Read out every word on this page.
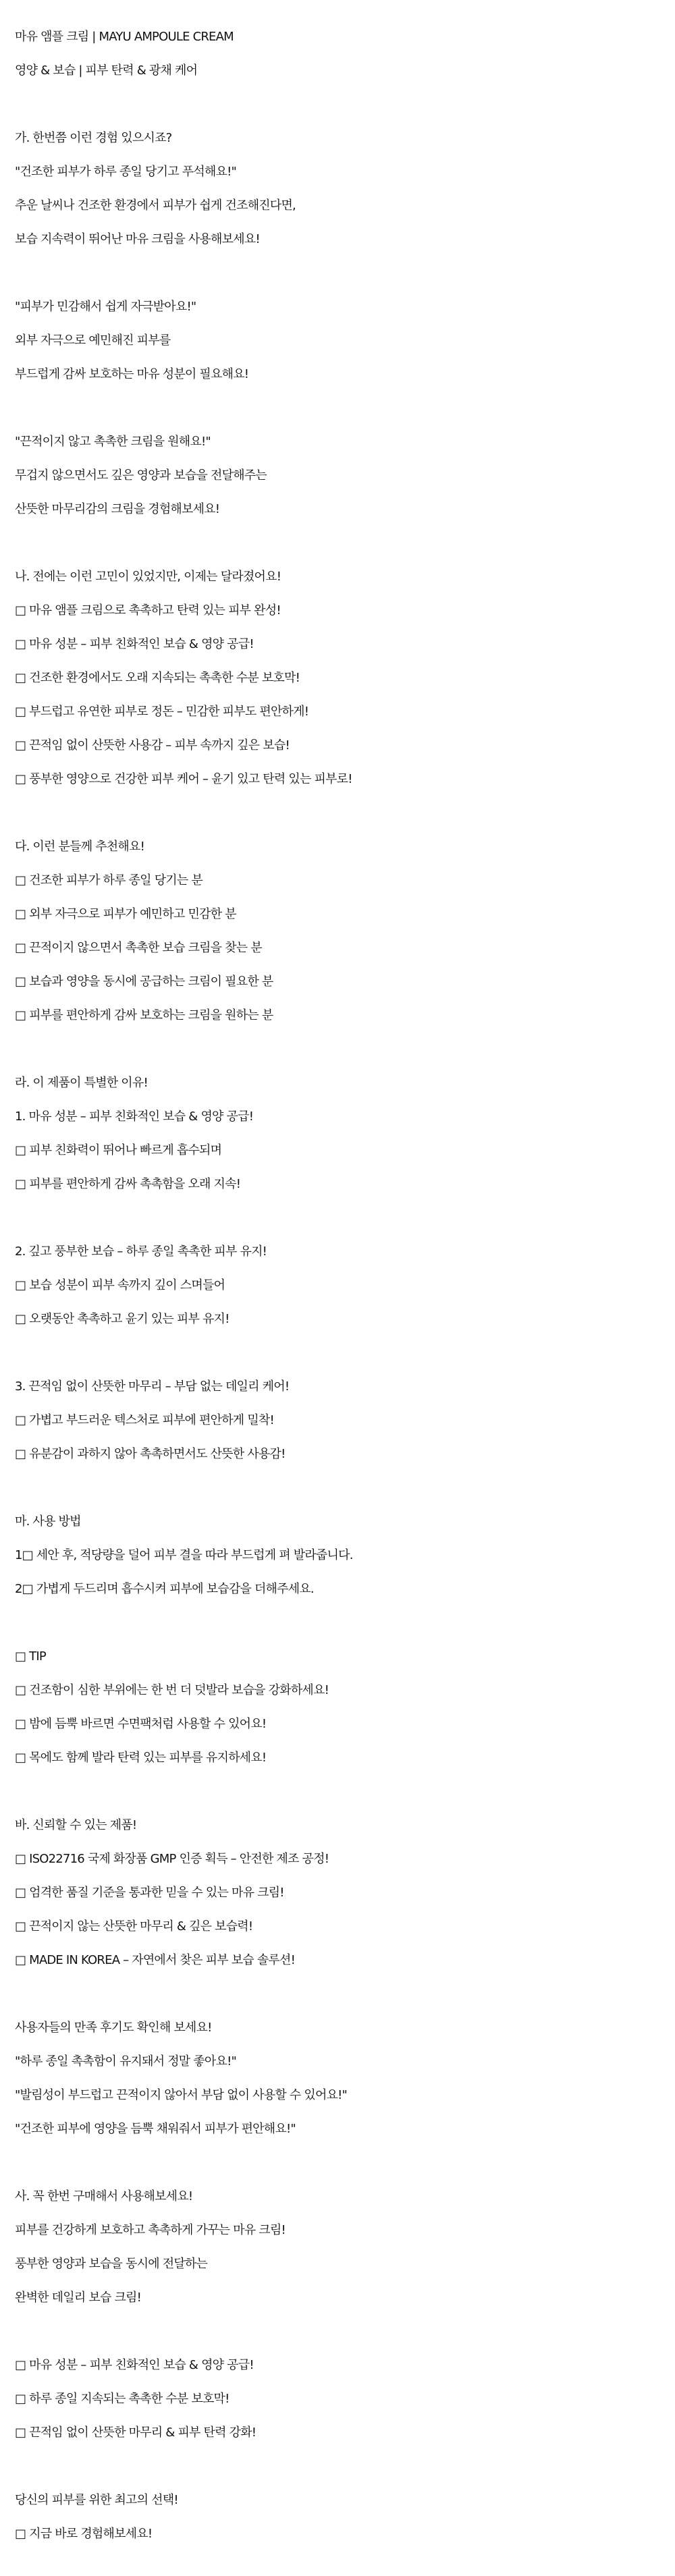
마유 앰플 크림 | MAYU AMPOULE CREAM
영양 & 보습 | 피부 탄력 & 광채 케어
가. 한번쯤 이런 경험 있으시죠?
"건조한 피부가 하루 종일 당기고 푸석해요!"
추운 날씨나 건조한 환경에서 피부가 쉽게 건조해진다면,
보습 지속력이 뛰어난 마유 크림을 사용해보세요!
"피부가 민감해서 쉽게 자극받아요!"
외부 자극으로 예민해진 피부를
부드럽게 감싸 보호하는 마유 성분이 필요해요!
"끈적이지 않고 촉촉한 크림을 원해요!"
무겁지 않으면서도 깊은 영양과 보습을 전달해주는
산뜻한 마무리감의 크림을 경험해보세요!
나. 전에는 이런 고민이 있었지만, 이제는 달라졌어요!
□ 마유 앰플 크림으로 촉촉하고 탄력 있는 피부 완성!
□ 마유 성분 – 피부 친화적인 보습 & 영양 공급!
□ 건조한 환경에서도 오래 지속되는 촉촉한 수분 보호막!
□ 부드럽고 유연한 피부로 정돈 – 민감한 피부도 편안하게!
□ 끈적임 없이 산뜻한 사용감 – 피부 속까지 깊은 보습!
□ 풍부한 영양으로 건강한 피부 케어 – 윤기 있고 탄력 있는 피부로!
다. 이런 분들께 추천해요!
□ 건조한 피부가 하루 종일 당기는 분
□ 외부 자극으로 피부가 예민하고 민감한 분
□ 끈적이지 않으면서 촉촉한 보습 크림을 찾는 분
□ 보습과 영양을 동시에 공급하는 크림이 필요한 분
□ 피부를 편안하게 감싸 보호하는 크림을 원하는 분
라. 이 제품이 특별한 이유!
1. 마유 성분 – 피부 친화적인 보습 & 영양 공급!
□ 피부 친화력이 뛰어나 빠르게 흡수되며
□ 피부를 편안하게 감싸 촉촉함을 오래 지속!
2. 깊고 풍부한 보습 – 하루 종일 촉촉한 피부 유지!
□ 보습 성분이 피부 속까지 깊이 스며들어
□ 오랫동안 촉촉하고 윤기 있는 피부 유지!
3. 끈적임 없이 산뜻한 마무리 – 부담 없는 데일리 케어!
□ 가볍고 부드러운 텍스처로 피부에 편안하게 밀착!
□ 유분감이 과하지 않아 촉촉하면서도 산뜻한 사용감!
마. 사용 방법
1□ 세안 후, 적당량을 덜어 피부 결을 따라 부드럽게 펴 발라줍니다.
2□ 가볍게 두드리며 흡수시켜 피부에 보습감을 더해주세요.
□ TIP
□ 건조함이 심한 부위에는 한 번 더 덧발라 보습을 강화하세요!
□ 밤에 듬뿍 바르면 수면팩처럼 사용할 수 있어요!
□ 목에도 함께 발라 탄력 있는 피부를 유지하세요!
바. 신뢰할 수 있는 제품!
□ ISO22716 국제 화장품 GMP 인증 획득 – 안전한 제조 공정!
□ 엄격한 품질 기준을 통과한 믿을 수 있는 마유 크림!
□ 끈적이지 않는 산뜻한 마무리 & 깊은 보습력!
□ MADE IN KOREA – 자연에서 찾은 피부 보습 솔루션!
사용자들의 만족 후기도 확인해 보세요!
"하루 종일 촉촉함이 유지돼서 정말 좋아요!"
"발림성이 부드럽고 끈적이지 않아서 부담 없이 사용할 수 있어요!"
"건조한 피부에 영양을 듬뿍 채워줘서 피부가 편안해요!"
사. 꼭 한번 구매해서 사용해보세요!
피부를 건강하게 보호하고 촉촉하게 가꾸는 마유 크림!
풍부한 영양과 보습을 동시에 전달하는
완벽한 데일리 보습 크림!
□ 마유 성분 – 피부 친화적인 보습 & 영양 공급!
□ 하루 종일 지속되는 촉촉한 수분 보호막!
□ 끈적임 없이 산뜻한 마무리 & 피부 탄력 강화!
당신의 피부를 위한 최고의 선택!
□ 지금 바로 경험해보세요!
